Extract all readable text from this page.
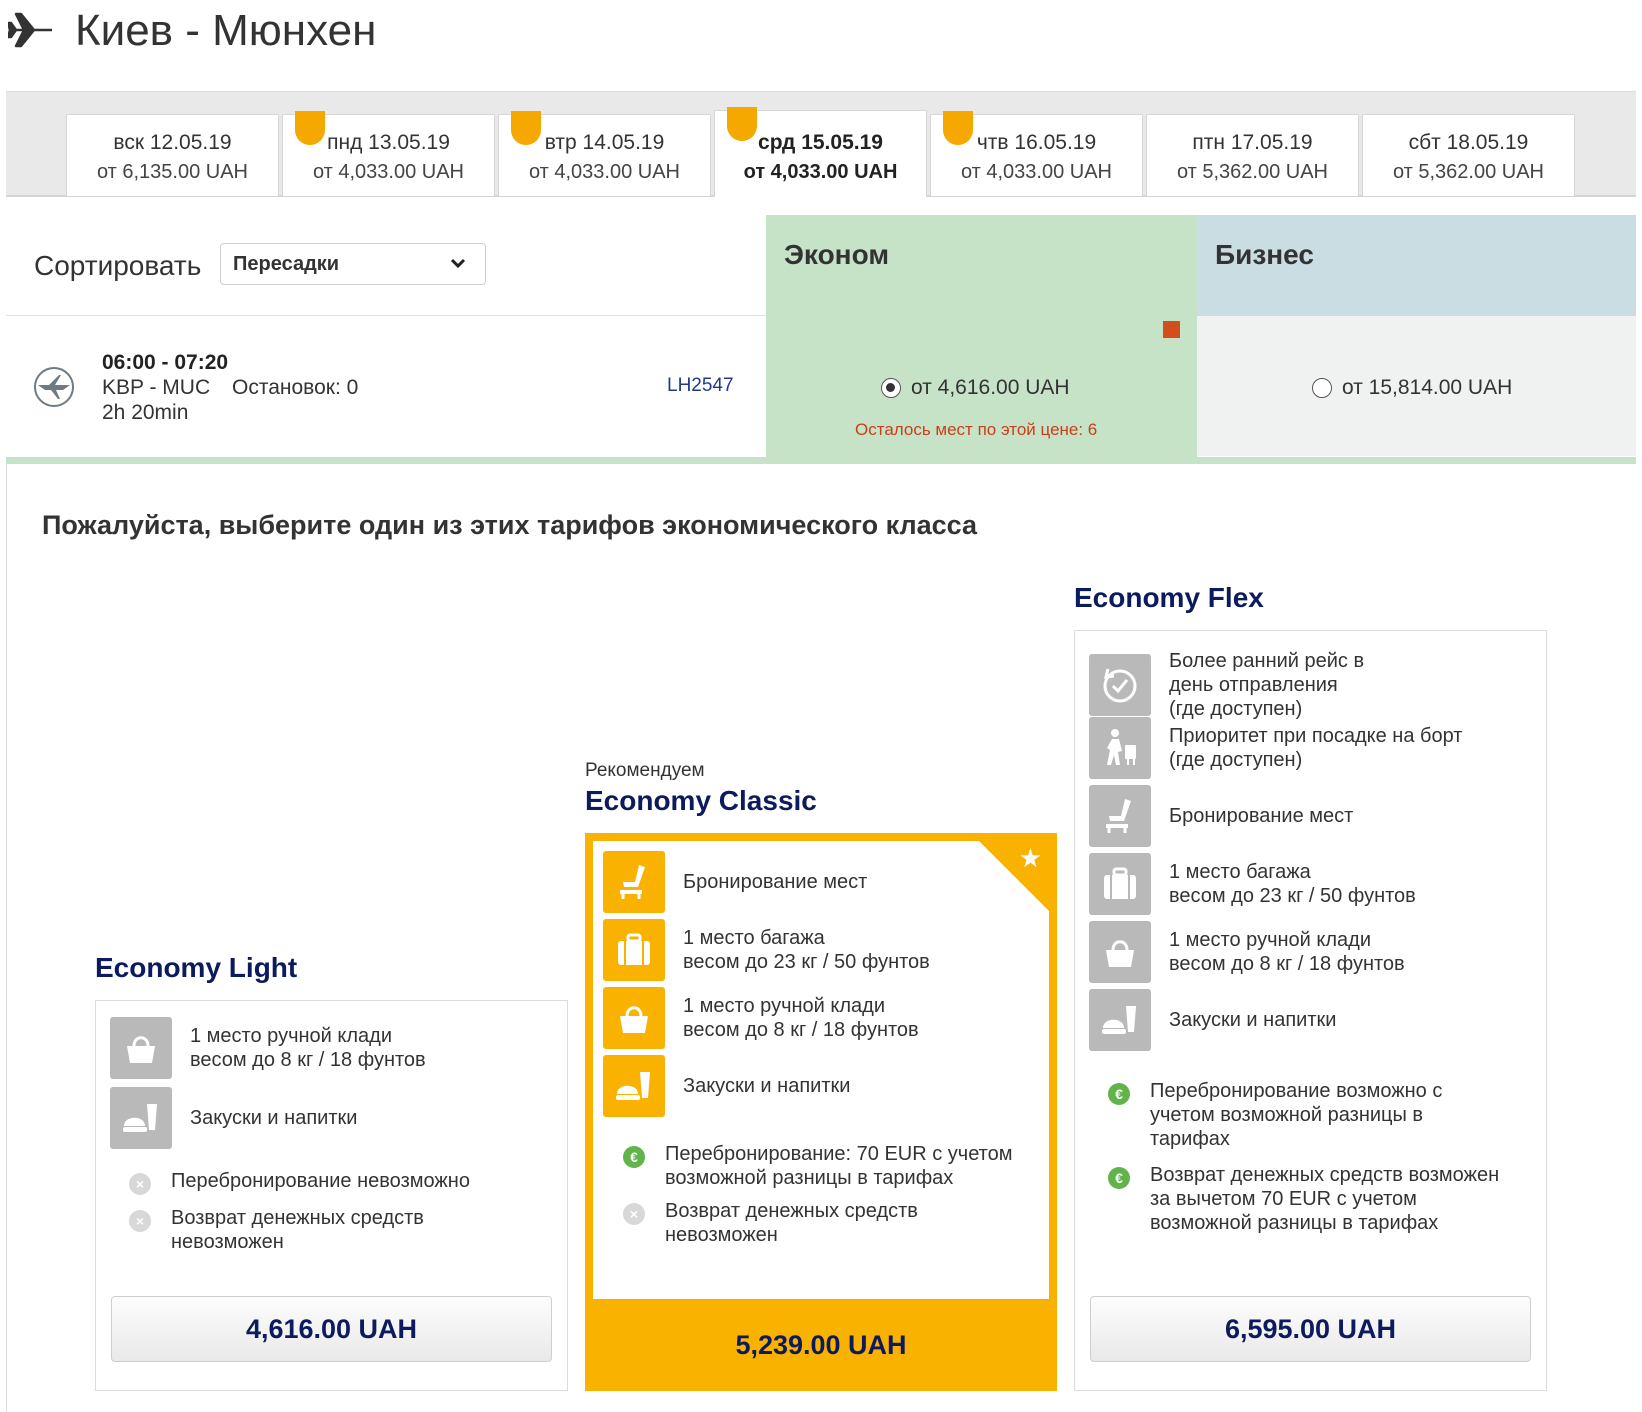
Киев - Мюнхен
вск 12.05.19
от 6,135.00 UAH
пнд 13.05.19
от 4,033.00 UAH
втр 14.05.19
от 4,033.00 UAH
срд 15.05.19
от 4,033.00 UAH
чтв 16.05.19
от 4,033.00 UAH
птн 17.05.19
от 5,362.00 UAH
сбт 18.05.19
от 5,362.00 UAH
Сортировать Пересадки	Эконом	Бизнес
06:00 - 07:20
KBP - MUC Остановок: 0
2h 20min
LH2547	от 4,616.00 UAH
Осталось мест по этой цене: 6
от 15,814.00 UAH
Пожалуйста, выберите один из этих тарифов экономического класса
Economy Light
1 место ручной клади
весом до 8 кг / 18 фунтов
Закуски и напитки
×	Перебронирование невозможно
×	Возврат денежных средств
невозможен
4,616.00 UAH
Рекомендуем
Economy Classic
★
Бронирование мест
1 место багажа
весом до 23 кг / 50 фунтов
1 место ручной клади
весом до 8 кг / 18 фунтов
Закуски и напитки
€	Перебронирование: 70 EUR с учетом
возможной разницы в тарифах
×	Возврат денежных средств
невозможен
5,239.00 UAH
Economy Flex
Более ранний рейс в
день отправления
(где доступен)
Приоритет при посадке на борт
(где доступен)
Бронирование мест
1 место багажа
весом до 23 кг / 50 фунтов
1 место ручной клади
весом до 8 кг / 18 фунтов
Закуски и напитки
€	Перебронирование возможно с
учетом возможной разницы в
тарифах
€	Возврат денежных средств возможен
за вычетом 70 EUR с учетом
возможной разницы в тарифах
6,595.00 UAH
